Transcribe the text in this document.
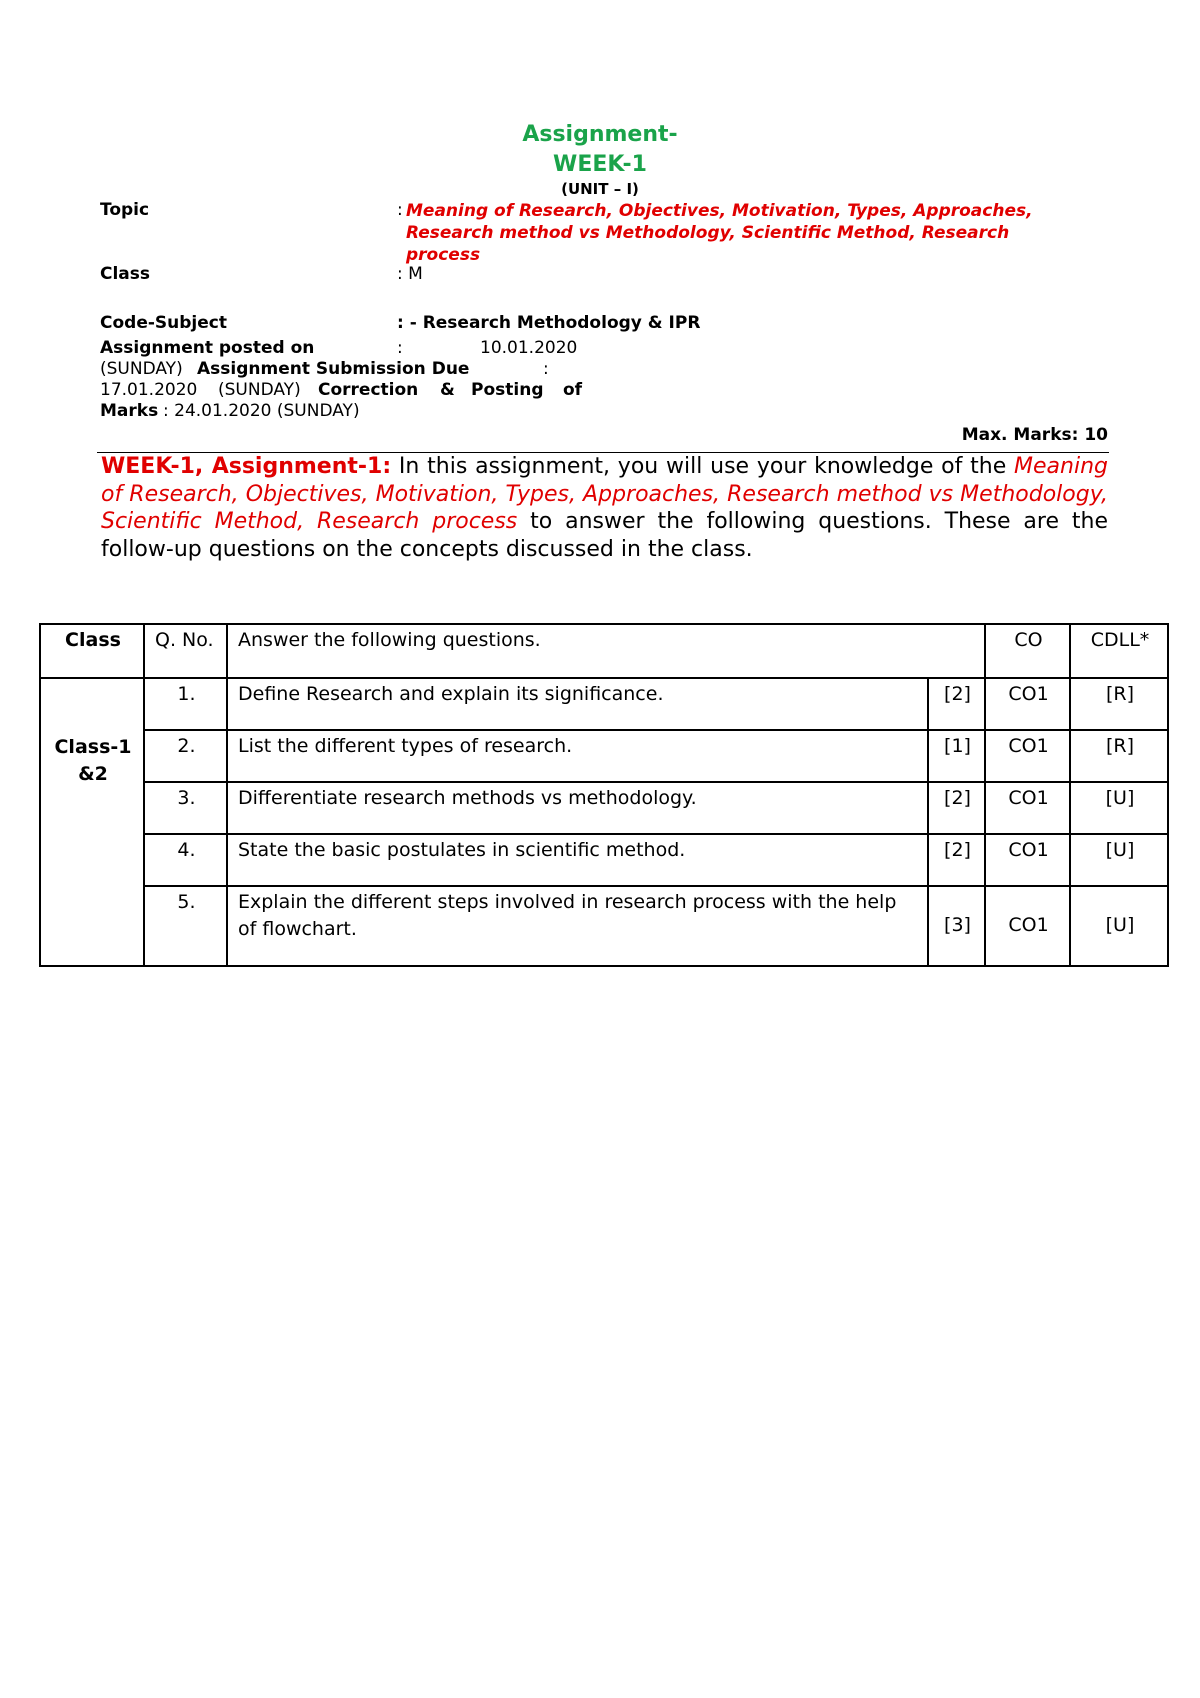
Assignment-
WEEK-1
(UNIT – I)
Topic	: Meaning of Research, Objectives, Motivation, Types, Approaches, Research method vs Methodology, Scientific Method, Research process
Class	: M
Code-Subject	: - Research Methodology & IPR
Assignment posted on	:	10.01.2020
(SUNDAY) Assignment Submission Due	:
17.01.2020 (SUNDAY) Correction & Posting of
Marks : 24.01.2020 (SUNDAY)
Max. Marks: 10
WEEK-1, Assignment-1: In this assignment, you will use your knowledge of the Meaning of Research, Objectives, Motivation, Types, Approaches, Research method vs Methodology, Scientific Method, Research process to answer the following questions. These are the follow-up questions on the concepts discussed in the class.
Class	Q. No.	Answer the following questions.		CO	CDLL*
Class-1 &2	1.	Define Research and explain its significance.	[2]	CO1	[R]
	2.	List the different types of research.	[1]	CO1	[R]
	3.	Differentiate research methods vs methodology.	[2]	CO1	[U]
	4.	State the basic postulates in scientific method.	[2]	CO1	[U]
	5.	Explain the different steps involved in research process with the help of flowchart.	[3]	CO1	[U]
